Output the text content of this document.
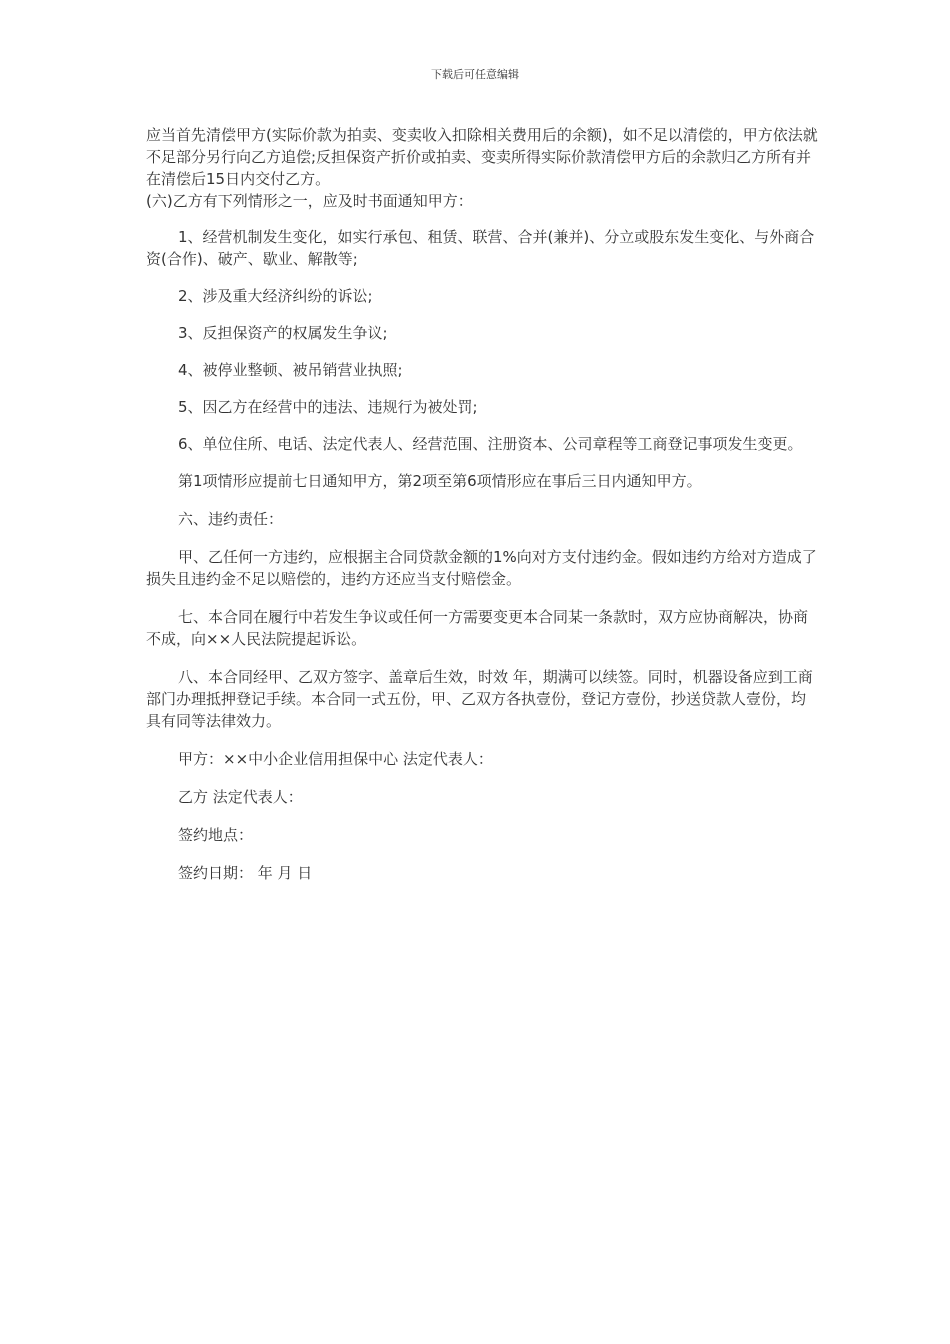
下载后可任意编辑

应当首先清偿甲方(实际价款为拍卖、变卖收入扣除相关费用后的余额)，如不足以清偿的，甲方依法就不足部分另行向乙方追偿;反担保资产折价或拍卖、变卖所得实际价款清偿甲方后的余款归乙方所有并在清偿后15日内交付乙方。

(六)乙方有下列情形之一，应及时书面通知甲方：

1、经营机制发生变化，如实行承包、租赁、联营、合并(兼并)、分立或股东发生变化、与外商合资(合作)、破产、歇业、解散等;

2、涉及重大经济纠纷的诉讼;

3、反担保资产的权属发生争议;

4、被停业整顿、被吊销营业执照;

5、因乙方在经营中的违法、违规行为被处罚;

6、单位住所、电话、法定代表人、经营范围、注册资本、公司章程等工商登记事项发生变更。

第1项情形应提前七日通知甲方，第2项至第6项情形应在事后三日内通知甲方。

六、违约责任：

甲、乙任何一方违约，应根据主合同贷款金额的1%向对方支付违约金。假如违约方给对方造成了损失且违约金不足以赔偿的，违约方还应当支付赔偿金。

七、本合同在履行中若发生争议或任何一方需要变更本合同某一条款时，双方应协商解决，协商不成，向××人民法院提起诉讼。

八、本合同经甲、乙双方签字、盖章后生效，时效 年，期满可以续签。同时，机器设备应到工商部门办理抵押登记手续。本合同一式五份，甲、乙双方各执壹份，登记方壹份，抄送贷款人壹份，均具有同等法律效力。

甲方：××中小企业信用担保中心 法定代表人：

乙方 法定代表人：

签约地点：

签约日期： 年 月 日
